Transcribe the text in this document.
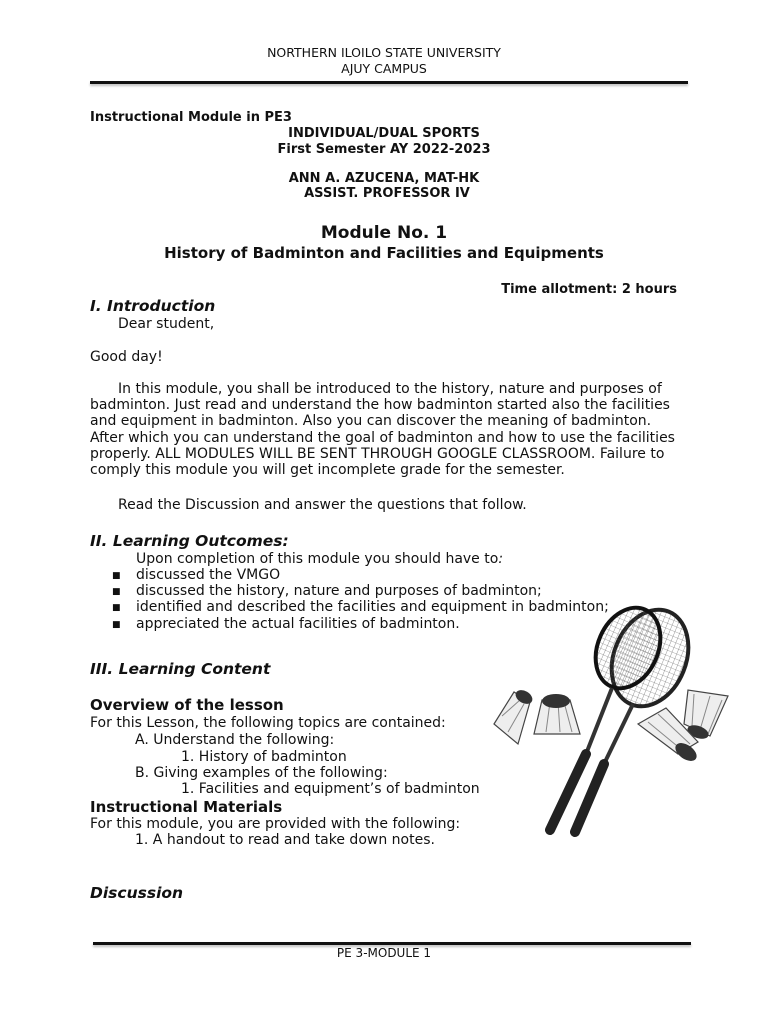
NORTHERN ILOILO STATE UNIVERSITY
AJUY CAMPUS
Instructional Module in PE3
INDIVIDUAL/DUAL SPORTS
First Semester AY 2022-2023
ANN A. AZUCENA, MAT-HK
ASSIST. PROFESSOR IV
Module No. 1
History of Badminton and Facilities and Equipments
Time allotment: 2 hours
I. Introduction
Dear student,
Good day!
In this module, you shall be introduced to the history, nature and purposes of
badminton. Just read and understand the how badminton started also the facilities
and equipment in badminton. Also you can discover the meaning of badminton.
After which you can understand the goal of badminton and how to use the facilities
properly. ALL MODULES WILL BE SENT THROUGH GOOGLE CLASSROOM. Failure to
comply this module you will get incomplete grade for the semester.
Read the Discussion and answer the questions that follow.
II. Learning Outcomes:
Upon completion of this module you should have to:
■ discussed the VMGO
■ discussed the history, nature and purposes of badminton;
■ identified and described the facilities and equipment in badminton;
■ appreciated the actual facilities of badminton.
III. Learning Content
Overview of the lesson
For this Lesson, the following topics are contained:
A. Understand the following:
1. History of badminton
B. Giving examples of the following:
1. Facilities and equipment’s of badminton
Instructional Materials
For this module, you are provided with the following:
1. A handout to read and take down notes.
Discussion
PE 3-MODULE 1
